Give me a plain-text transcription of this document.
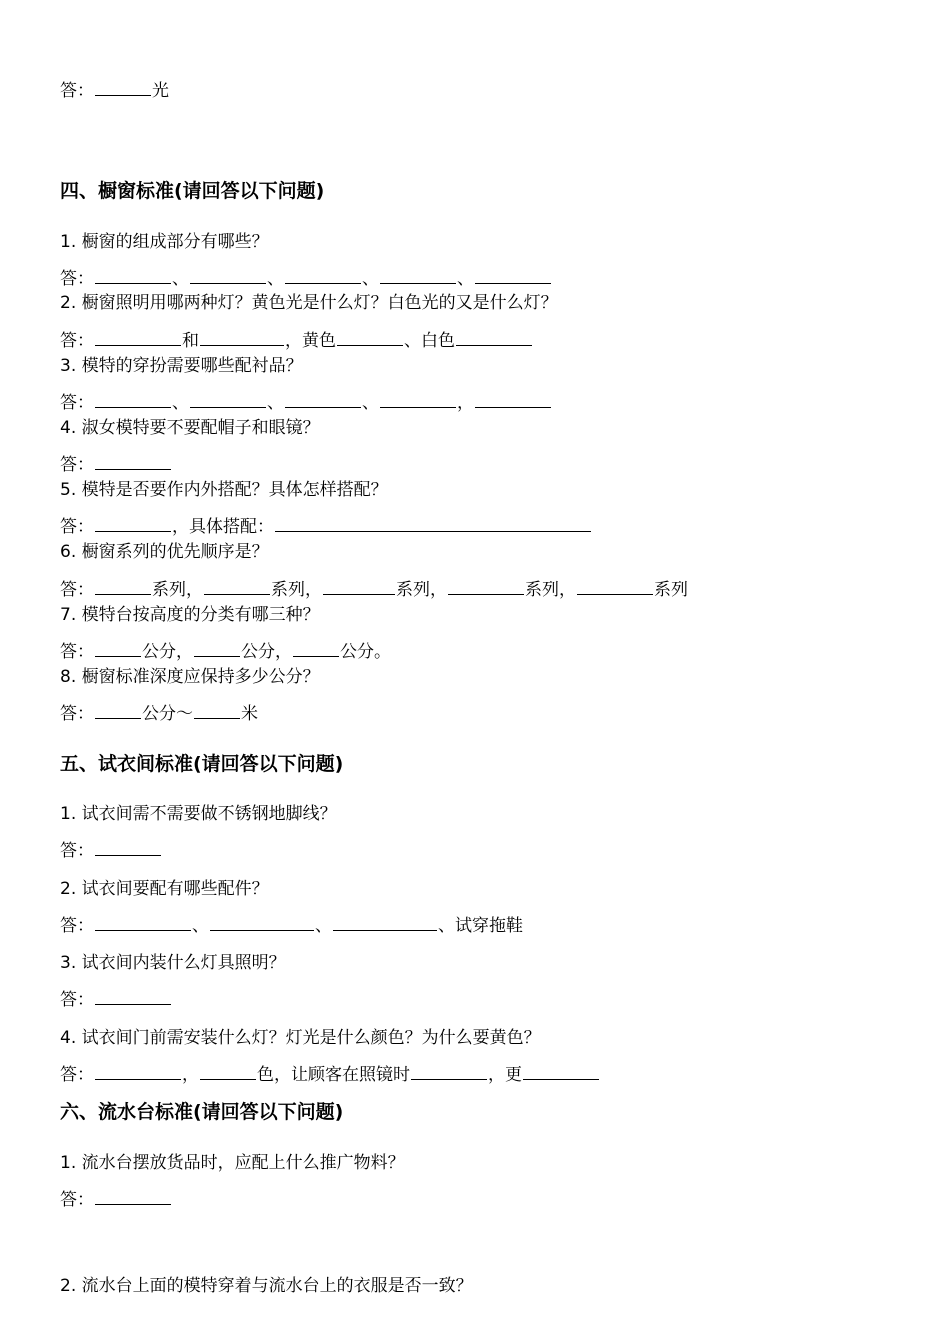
答：	光
四、橱窗标准(请回答以下问题)
1. 橱窗的组成部分有哪些？
答：	、	、	、	、
2. 橱窗照明用哪两种灯？黄色光是什么灯？白色光的又是什么灯？
答：	和	，黄色	、白色
3. 模特的穿扮需要哪些配衬品？
答：	、	、	、	，
4. 淑女模特要不要配帽子和眼镜？
答：
5. 模特是否要作内外搭配？具体怎样搭配？
答：	，具体搭配：
6. 橱窗系列的优先顺序是？
答：	系列，	系列，	系列，	系列，	系列
7. 模特台按高度的分类有哪三种？
答：	公分，	公分，	公分。
8. 橱窗标准深度应保持多少公分？
答：	公分～	米
五、试衣间标准(请回答以下问题)
1. 试衣间需不需要做不锈钢地脚线？
答：
2. 试衣间要配有哪些配件？
答：	、	、	、试穿拖鞋
3. 试衣间内装什么灯具照明？
答：
4. 试衣间门前需安装什么灯？灯光是什么颜色？为什么要黄色？
答：	，	色，让顾客在照镜时	，更
六、流水台标准(请回答以下问题)
1. 流水台摆放货品时，应配上什么推广物料？
答：
2. 流水台上面的模特穿着与流水台上的衣服是否一致？
